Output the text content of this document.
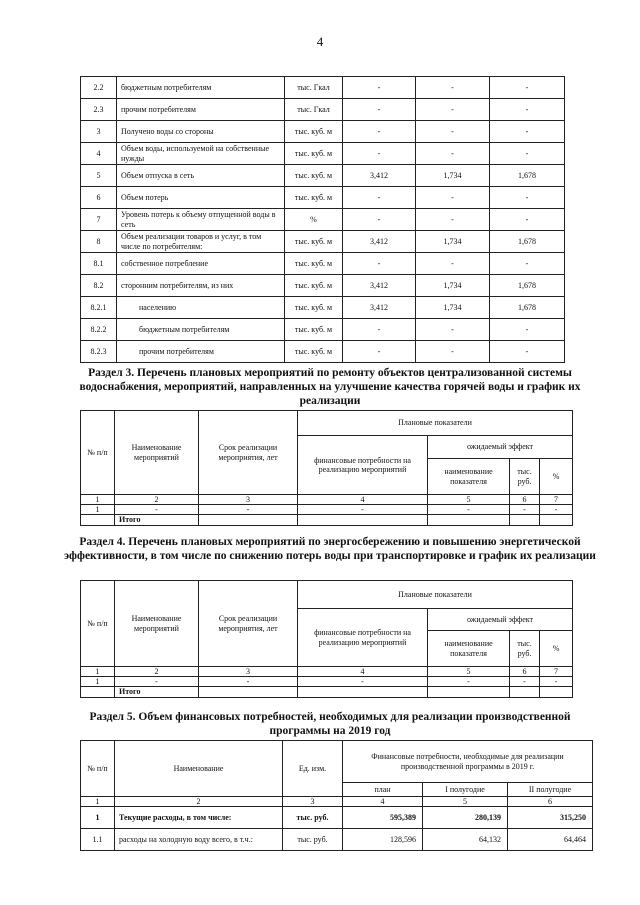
4
2.2	бюджетным потребителям	тыс. Гкал	-	-	-
2.3	прочим потребителям	тыс. Гкал	-	-	-
3	Получено воды со стороны	тыс. куб. м	-	-	-
4	Объем воды, используемой на собственные нужды	тыс. куб. м	-	-	-
5	Объем отпуска в сеть	тыс. куб. м	3,412	1,734	1,678
6	Объем потерь	тыс. куб. м	-	-	-
7	Уровень потерь к объему отпущенной воды в сеть	%	-	-	-
8	Объем реализации товаров и услуг, в том числе по потребителям:	тыс. куб. м	3,412	1,734	1,678
8.1	собственное потребление	тыс. куб. м	-	-	-
8.2	сторонним потребителям, из них	тыс. куб. м	3,412	1,734	1,678
8.2.1	населению	тыс. куб. м	3,412	1,734	1,678
8.2.2	бюджетным потребителям	тыс. куб. м	-	-	-
8.2.3	прочим потребителям	тыс. куб. м	-	-	-
Раздел 3. Перечень плановых мероприятий по ремонту объектов централизованной системы водоснабжения, мероприятий, направленных на улучшение качества горячей воды и график их реализации
№ п/п	Наименование мероприятий	Срок реализации мероприятия, лет	Плановые показатели			
			финансовые потребности на реализацию мероприятий	ожидаемый эффект		
				наименование показателя	тыс. руб.	%
1	2	3	4	5	6	7
1	-	-	-	-	-	-
	Итого					
Раздел 4. Перечень плановых мероприятий по энергосбережению и повышению энергетической эффективности, в том числе по снижению потерь воды при транспортировке и график их реализации
№ п/п	Наименование мероприятий	Срок реализации мероприятия, лет	Плановые показатели			
			финансовые потребности на реализацию мероприятий	ожидаемый эффект		
				наименование показателя	тыс. руб.	%
1	2	3	4	5	6	7
1	-	-	-	-	-	-
	Итого					
Раздел 5. Объем финансовых потребностей, необходимых для реализации производственной программы на 2019 год
№ п/п	Наименование	Ед. изм.	Финансовые потребности, необходимые для реализации производственной программы в 2019 г.		
			план	I полугодие	II полугодие
1	2	3	4	5	6
1	Текущие расходы, в том числе:	тыс. руб.	595,389	280,139	315,250
1.1	расходы на холодную воду всего, в т.ч.:	тыс. руб.	128,596	64,132	64,464
